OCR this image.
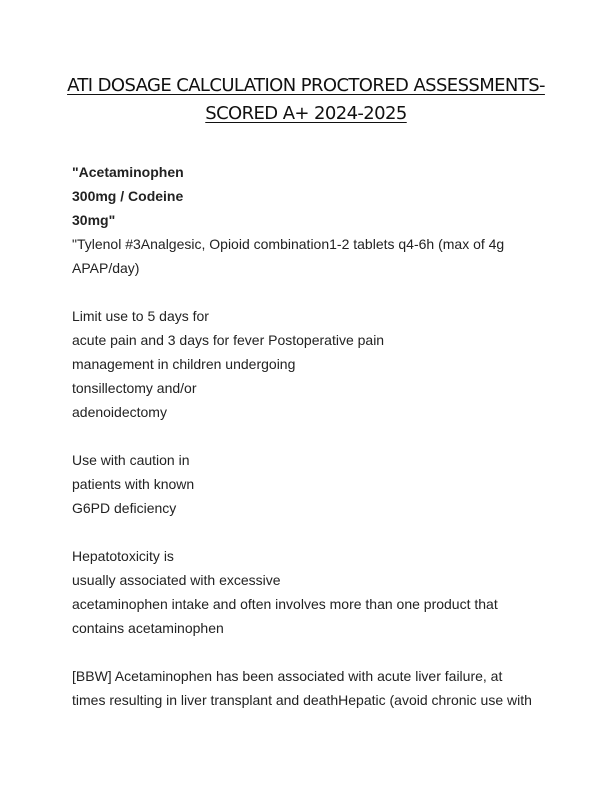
ATI DOSAGE CALCULATION PROCTORED ASSESSMENTS-
SCORED A+ 2024-2025
"Acetaminophen
300mg / Codeine
30mg"
"Tylenol #3Analgesic, Opioid combination1-2 tablets q4-6h (max of 4g
APAP/day)
Limit use to 5 days for
acute pain and 3 days for fever Postoperative pain
management in children undergoing
tonsillectomy and/or
adenoidectomy
Use with caution in
patients with known
G6PD deficiency
Hepatotoxicity is
usually associated with excessive
acetaminophen intake and often involves more than one product that
contains acetaminophen
[BBW] Acetaminophen has been associated with acute liver failure, at
times resulting in liver transplant and deathHepatic (avoid chronic use with
